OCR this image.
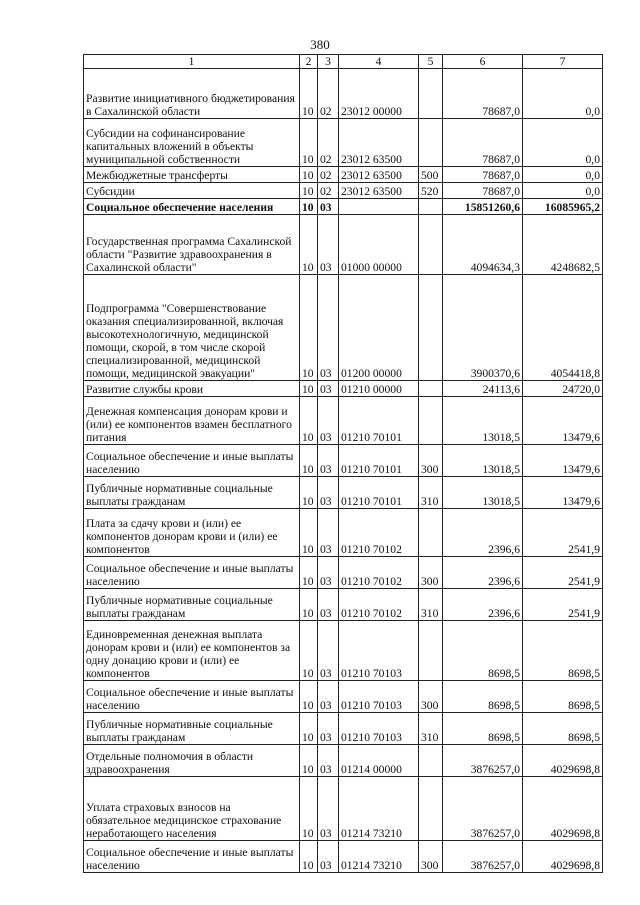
380
1	2	3	4	5	6	7
Развитие инициативного бюджетирования в Сахалинской области	10	02	23012 00000		78687,0	0,0
Субсидии на софинансирование капитальных вложений в объекты муниципальной собственности	10	02	23012 63500		78687,0	0,0
Межбюджетные трансферты	10	02	23012 63500	500	78687,0	0,0
Субсидии	10	02	23012 63500	520	78687,0	0,0
Социальное обеспечение населения	10	03			15851260,6	16085965,2
Государственная программа Сахалинской области "Развитие здравоохранения в Сахалинской области"	10	03	01000 00000		4094634,3	4248682,5
Подпрограмма "Совершенствование оказания специализированной, включая высокотехнологичную, медицинской помощи, скорой, в том числе скорой специализированной, медицинской помощи, медицинской эвакуации"	10	03	01200 00000		3900370,6	4054418,8
Развитие службы крови	10	03	01210 00000		24113,6	24720,0
Денежная компенсация донорам крови и (или) ее компонентов взамен бесплатного питания	10	03	01210 70101		13018,5	13479,6
Социальное обеспечение и иные выплаты населению	10	03	01210 70101	300	13018,5	13479,6
Публичные нормативные социальные выплаты гражданам	10	03	01210 70101	310	13018,5	13479,6
Плата за сдачу крови и (или) ее компонентов донорам крови и (или) ее компонентов	10	03	01210 70102		2396,6	2541,9
Социальное обеспечение и иные выплаты населению	10	03	01210 70102	300	2396,6	2541,9
Публичные нормативные социальные выплаты гражданам	10	03	01210 70102	310	2396,6	2541,9
Единовременная денежная выплата донорам крови и (или) ее компонентов за одну донацию крови и (или) ее компонентов	10	03	01210 70103		8698,5	8698,5
Социальное обеспечение и иные выплаты населению	10	03	01210 70103	300	8698,5	8698,5
Публичные нормативные социальные выплаты гражданам	10	03	01210 70103	310	8698,5	8698,5
Отдельные полномочия в области здравоохранения	10	03	01214 00000		3876257,0	4029698,8
Уплата страховых взносов на обязательное медицинское страхование неработающего населения	10	03	01214 73210		3876257,0	4029698,8
Социальное обеспечение и иные выплаты населению	10	03	01214 73210	300	3876257,0	4029698,8
